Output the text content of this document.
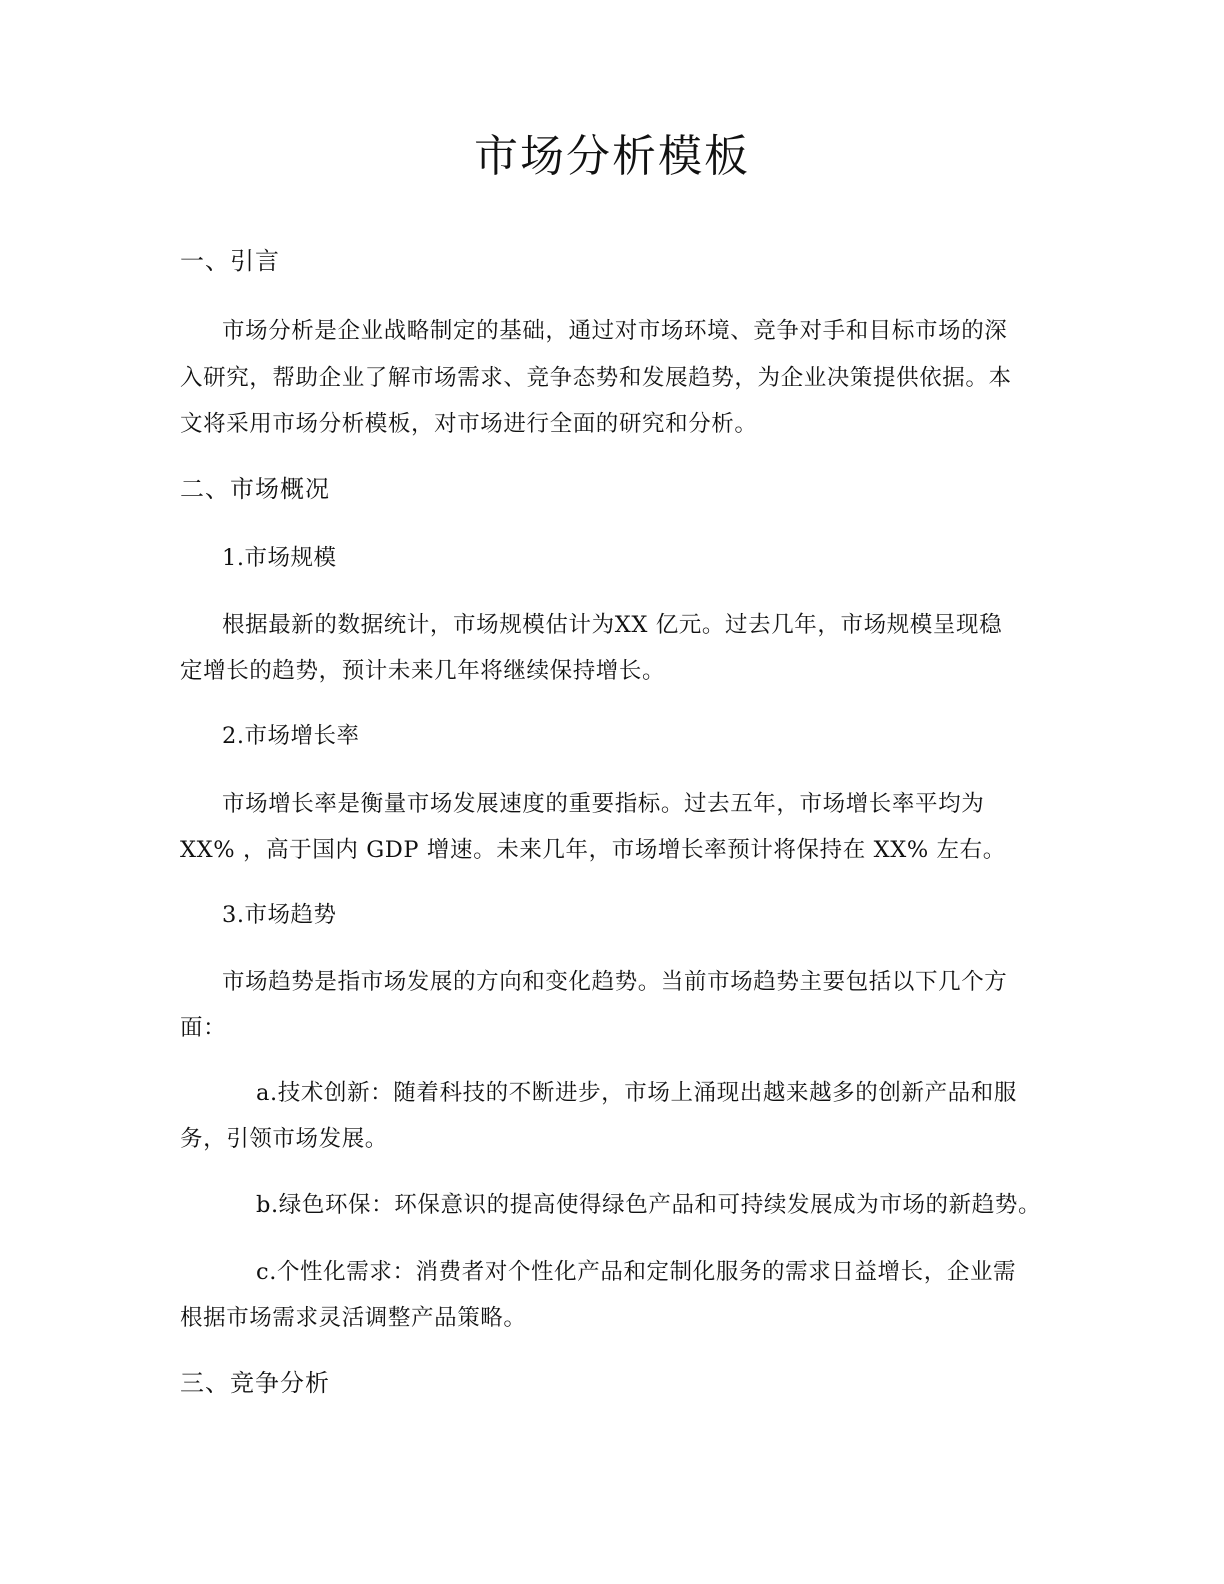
市场分析模板

一、引言

市场分析是企业战略制定的基础，通过对市场环境、竞争对手和目标市场的深

入研究，帮助企业了解市场需求、竞争态势和发展趋势，为企业决策提供依据。本

文将采用市场分析模板，对市场进行全面的研究和分析。

二、市场概况

1.市场规模

根据最新的数据统计，市场规模估计为XX 亿元。过去几年，市场规模呈现稳

定增长的趋势，预计未来几年将继续保持增长。

2.市场增长率

市场增长率是衡量市场发展速度的重要指标。过去五年，市场增长率平均为

XX% ，高于国内 GDP 增速。未来几年，市场增长率预计将保持在 XX% 左右。

3.市场趋势

市场趋势是指市场发展的方向和变化趋势。当前市场趋势主要包括以下几个方

面：

a.技术创新：随着科技的不断进步，市场上涌现出越来越多的创新产品和服

务，引领市场发展。

b.绿色环保：环保意识的提高使得绿色产品和可持续发展成为市场的新趋势。

c.个性化需求：消费者对个性化产品和定制化服务的需求日益增长，企业需

根据市场需求灵活调整产品策略。

三、竞争分析
